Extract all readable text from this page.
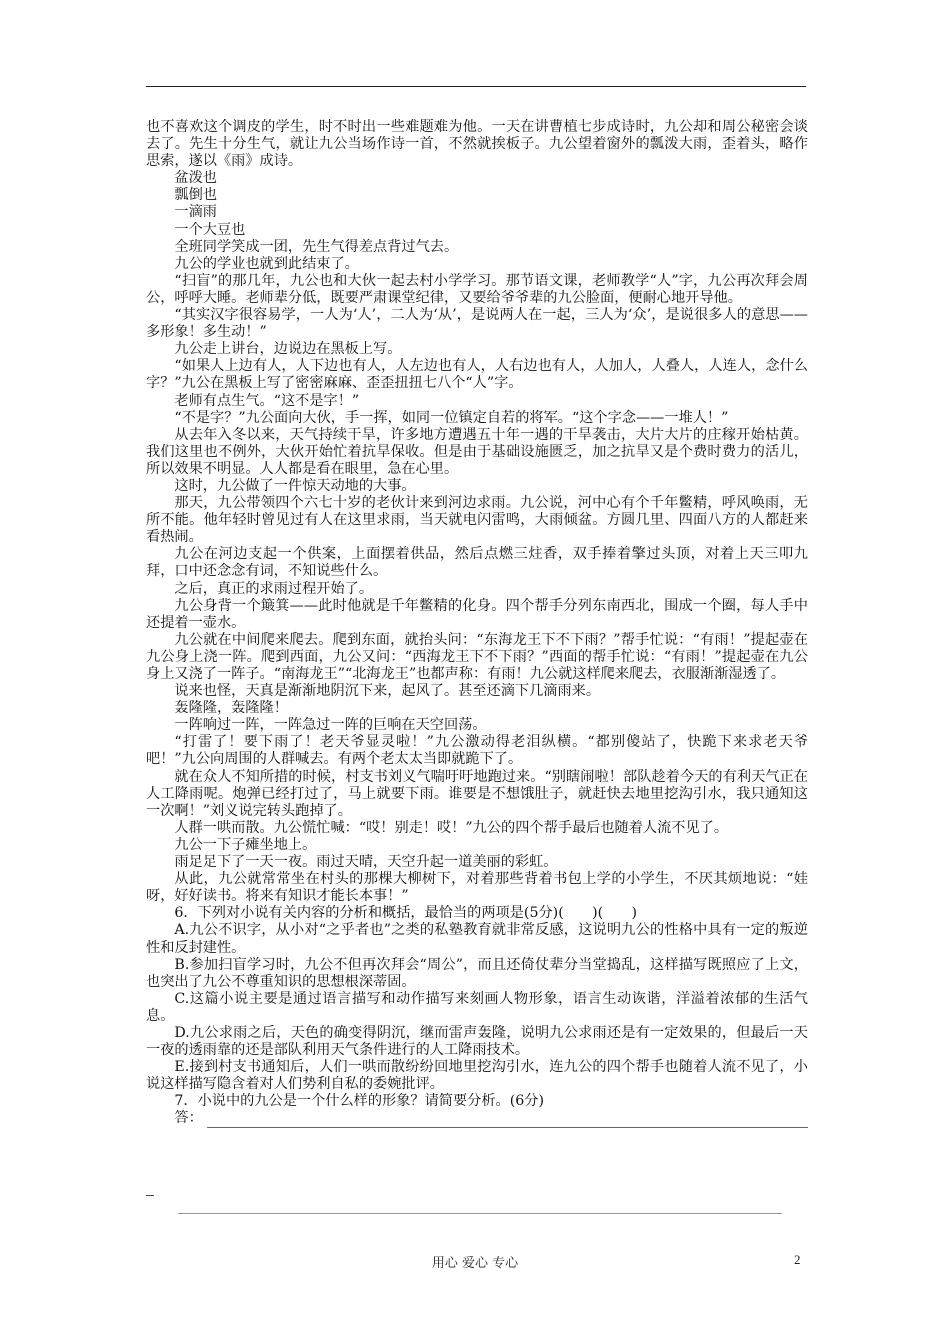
也不喜欢这个调皮的学生，时不时出一些难题难为他。一天在讲曹植七步成诗时，九公却和周公秘密会谈去了。先生十分生气，就让九公当场作诗一首，不然就挨板子。九公望着窗外的瓢泼大雨，歪着头，略作思索，遂以《雨》成诗。

盆泼也

瓢倒也

一滴雨

一个大豆也

全班同学笑成一团，先生气得差点背过气去。

九公的学业也就到此结束了。

“扫盲”的那几年，九公也和大伙一起去村小学学习。那节语文课，老师教学“人”字，九公再次拜会周公，呼呼大睡。老师辈分低，既要严肃课堂纪律，又要给爷爷辈的九公脸面，便耐心地开导他。

“其实汉字很容易学，一人为‘人’，二人为‘从’，是说两人在一起，三人为‘众’，是说很多人的意思——多形象！多生动！”

九公走上讲台，边说边在黑板上写。

“如果人上边有人，人下边也有人，人左边也有人，人右边也有人，人加人，人叠人，人连人，念什么字？”九公在黑板上写了密密麻麻、歪歪扭扭七八个“人”字。

老师有点生气。“这不是字！”

“不是字？”九公面向大伙，手一挥，如同一位镇定自若的将军。“这个字念——一堆人！”

从去年入冬以来，天气持续干旱，许多地方遭遇五十年一遇的干旱袭击，大片大片的庄稼开始枯黄。我们这里也不例外，大伙开始忙着抗旱保收。但是由于基础设施匮乏，加之抗旱又是个费时费力的活儿，所以效果不明显。人人都是看在眼里，急在心里。

这时，九公做了一件惊天动地的大事。

那天，九公带领四个六七十岁的老伙计来到河边求雨。九公说，河中心有个千年鳖精，呼风唤雨，无所不能。他年轻时曾见过有人在这里求雨，当天就电闪雷鸣，大雨倾盆。方圆几里、四面八方的人都赶来看热闹。

九公在河边支起一个供案，上面摆着供品，然后点燃三炷香，双手捧着擎过头顶，对着上天三叩九拜，口中还念念有词，不知说些什么。

之后，真正的求雨过程开始了。

九公身背一个簸箕——此时他就是千年鳖精的化身。四个帮手分列东南西北，围成一个圈，每人手中还提着一壶水。

九公就在中间爬来爬去。爬到东面，就抬头问：“东海龙王下不下雨？”帮手忙说：“有雨！”提起壶在九公身上浇一阵。爬到西面，九公又问：“西海龙王下不下雨？”西面的帮手忙说：“有雨！”提起壶在九公身上又浇了一阵子。“南海龙王”“北海龙王”也都声称：有雨！九公就这样爬来爬去，衣服渐渐湿透了。

说来也怪，天真是渐渐地阴沉下来，起风了。甚至还滴下几滴雨来。

轰隆隆，轰隆隆！

一阵响过一阵，一阵急过一阵的巨响在天空回荡。

“打雷了！要下雨了！老天爷显灵啦！”九公激动得老泪纵横。“都别傻站了，快跪下来求老天爷吧！”九公向周围的人群喊去。有两个老太太当即就跪下了。

就在众人不知所措的时候，村支书刘义气喘吁吁地跑过来。“别瞎闹啦！部队趁着今天的有利天气正在人工降雨呢。炮弹已经打过了，马上就要下雨。谁要是不想饿肚子，就赶快去地里挖沟引水，我只通知这一次啊！”刘义说完转头跑掉了。

人群一哄而散。九公慌忙喊：“哎！别走！哎！”九公的四个帮手最后也随着人流不见了。

九公一下子瘫坐地上。

雨足足下了一天一夜。雨过天晴，天空升起一道美丽的彩虹。

从此，九公就常常坐在村头的那棵大柳树下，对着那些背着书包上学的小学生，不厌其烦地说：“娃呀，好好读书。将来有知识才能长本事！”

6．下列对小说有关内容的分析和概括，最恰当的两项是(5分)(　　)(　　)

A.九公不识字，从小对“之乎者也”之类的私塾教育就非常反感，这说明九公的性格中具有一定的叛逆性和反封建性。

B.参加扫盲学习时，九公不但再次拜会“周公”，而且还倚仗辈分当堂捣乱，这样描写既照应了上文，也突出了九公不尊重知识的思想根深蒂固。

C.这篇小说主要是通过语言描写和动作描写来刻画人物形象，语言生动诙谐，洋溢着浓郁的生活气息。

D.九公求雨之后，天色的确变得阴沉，继而雷声轰隆，说明九公求雨还是有一定效果的，但最后一天一夜的透雨靠的还是部队利用天气条件进行的人工降雨技术。

E.接到村支书通知后，人们一哄而散纷纷回地里挖沟引水，连九公的四个帮手也随着人流不见了，小说这样描写隐含着对人们势利自私的委婉批评。

7．小说中的九公是一个什么样的形象？请简要分析。(6分)

答：
用心 爱心 专心	2
